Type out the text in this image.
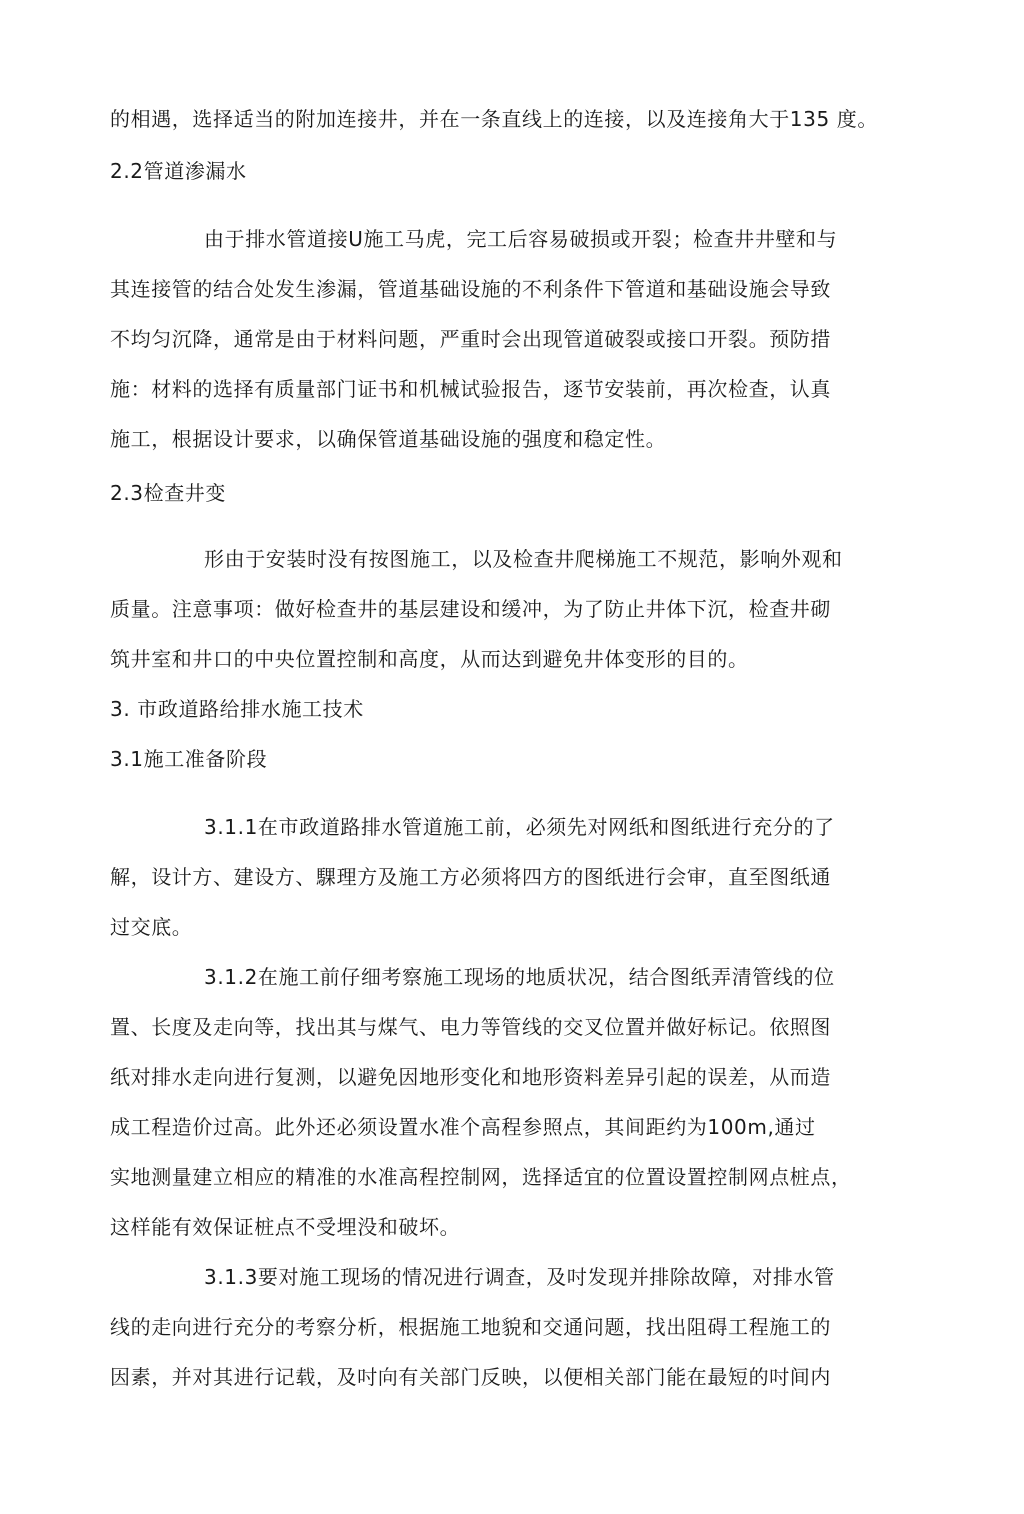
的相遇，选择适当的附加连接井，并在一条直线上的连接，以及连接角大于135 度。
2.2管道渗漏水
由于排水管道接U施工马虎，完工后容易破损或开裂；检查井井壁和与
其连接管的结合处发生渗漏，管道基础设施的不利条件下管道和基础设施会导致
不均匀沉降，通常是由于材料问题，严重时会出现管道破裂或接口开裂。预防措
施：材料的选择有质量部门证书和机械试验报告，逐节安装前，再次检查，认真
施工，根据设计要求，以确保管道基础设施的强度和稳定性。
2.3检查井变
形由于安装时没有按图施工，以及检查井爬梯施工不规范，影响外观和
质量。注意事项：做好检查井的基层建设和缓冲，为了防止井体下沉，检查井砌
筑井室和井口的中央位置控制和高度，从而达到避免井体变形的目的。
3. 市政道路给排水施工技术
3.1施工准备阶段
3.1.1在市政道路排水管道施工前，必须先对网纸和图纸进行充分的了
解，设计方、建设方、騍理方及施工方必须将四方的图纸进行会审，直至图纸通
过交底。
3.1.2在施工前仔细考察施工现场的地质状况，结合图纸弄清管线的位
置、长度及走向等，找出其与煤气、电力等管线的交叉位置并做好标记。依照图
纸对排水走向进行复测，以避免因地形变化和地形资料差异引起的误差，从而造
成工程造价过高。此外还必须设置水准个高程参照点，其间距约为100m,通过
实地测量建立相应的精准的水准高程控制网，选择适宜的位置设置控制网点桩点，
这样能有效保证桩点不受埋没和破坏。
3.1.3要对施工现场的情况进行调查，及吋发现并排除故障，对排水管
线的走向进行充分的考察分析，根据施工地貌和交通问题，找出阻碍工程施工的
因素，并对其进行记载，及吋向有关部门反映，以便相关部门能在最短的吋间内
